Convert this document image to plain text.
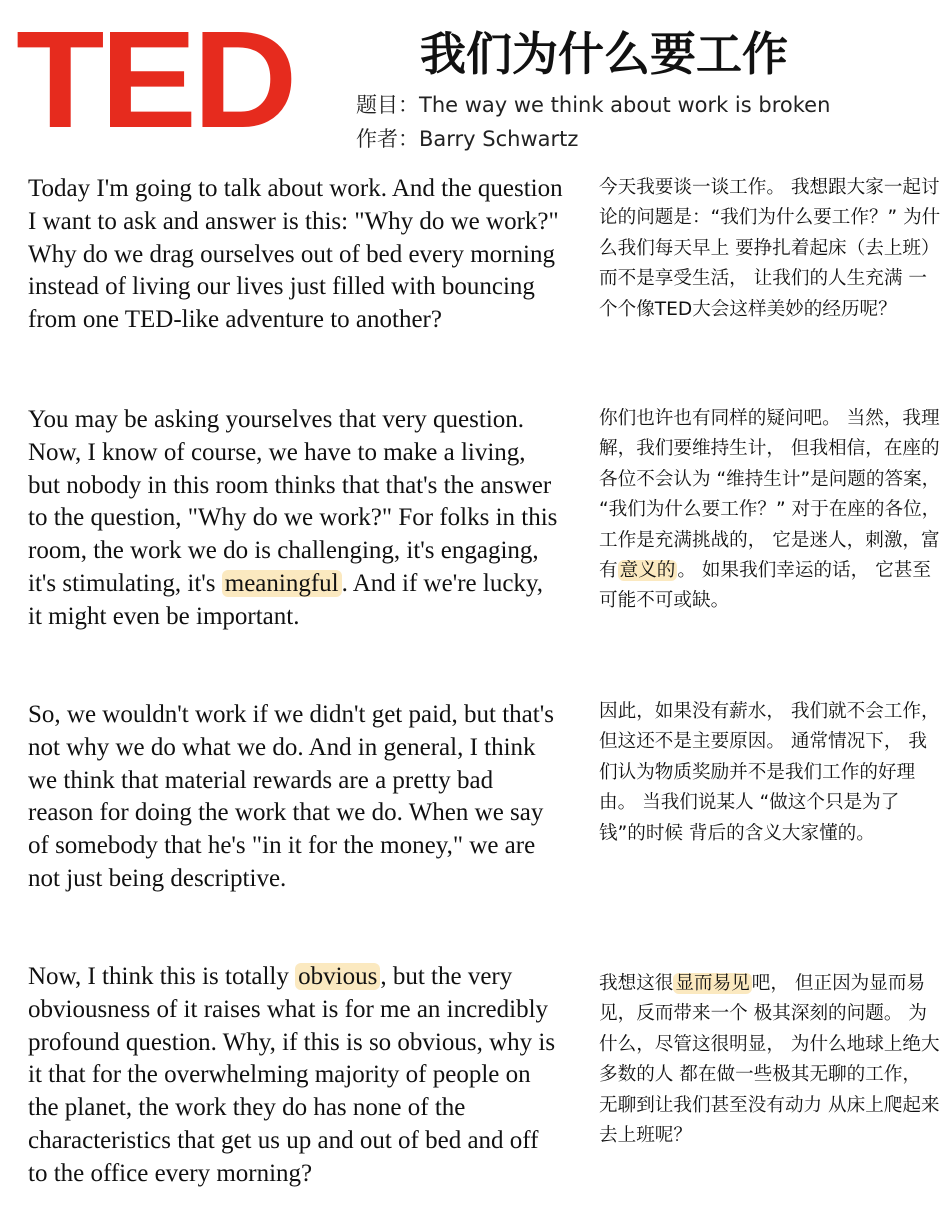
TED	我们为什么要工作
题目：The way we think about work is broken
作者：Barry Schwartz
Today I'm going to talk about work. And the question I want to ask and answer is this: "Why do we work?" Why do we drag ourselves out of bed every morning instead of living our lives just filled with bouncing from one TED-like adventure to another?
今天我要谈一谈工作。 我想跟大家一起讨论的问题是：“我们为什么要工作？” 为什么我们每天早上 要挣扎着起床（去上班） 而不是享受生活， 让我们的人生充满 一个个像TED大会这样美妙的经历呢？
You may be asking yourselves that very question. Now, I know of course, we have to make a living, but nobody in this room thinks that that's the answer to the question, "Why do we work?" For folks in this room, the work we do is challenging, it's engaging, it's stimulating, it's meaningful . And if we're lucky, it might even be important.
你们也许也有同样的疑问吧。 当然，我理解，我们要维持生计， 但我相信，在座的各位不会认为 “维持生计”是问题的答案， “我们为什么要工作？” 对于在座的各位，工作是充满挑战的， 它是迷人，刺激，富有 意义的 。 如果我们幸运的话， 它甚至可能不可或缺。
So, we wouldn't work if we didn't get paid, but that's not why we do what we do. And in general, I think we think that material rewards are a pretty bad reason for doing the work that we do. When we say of somebody that he's "in it for the money," we are not just being descriptive.
因此，如果没有薪水， 我们就不会工作， 但这还不是主要原因。 通常情况下， 我们认为物质奖励并不是我们工作的好理由。 当我们说某人 “做这个只是为了钱”的时候 背后的含义大家懂的。
Now, I think this is totally obvious , but the very obviousness of it raises what is for me an incredibly profound question. Why, if this is so obvious, why is it that for the overwhelming majority of people on the planet, the work they do has none of the characteristics that get us up and out of bed and off to the office every morning?
我想这很 显而易见 吧， 但正因为显而易见，反而带来一个 极其深刻的问题。 为什么，尽管这很明显， 为什么地球上绝大多数的人 都在做一些极其无聊的工作， 无聊到让我们甚至没有动力 从床上爬起来去上班呢？
